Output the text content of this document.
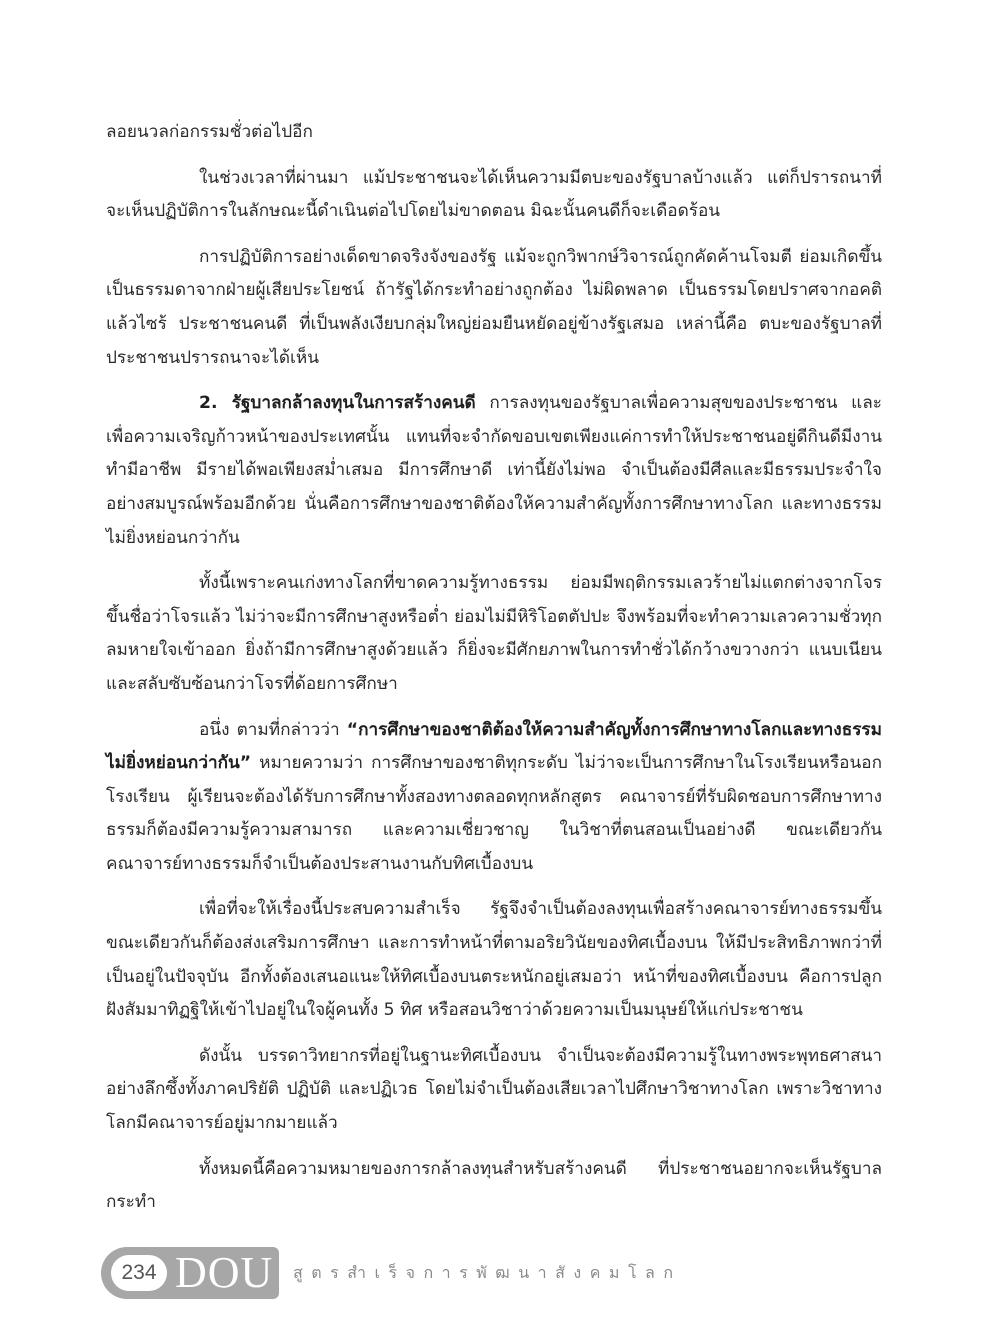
ลอยนวลก่อกรรมชั่วต่อไปอีก

ในช่วงเวลาที่ผ่านมา แม้ประชาชนจะได้เห็นความมีตบะของรัฐบาลบ้างแล้ว แต่ก็ปรารถนาที่จะเห็นปฏิบัติการในลักษณะนี้ดำเนินต่อไปโดยไม่ขาดตอน มิฉะนั้นคนดีก็จะเดือดร้อน

การปฏิบัติการอย่างเด็ดขาดจริงจังของรัฐ แม้จะถูกวิพากษ์วิจารณ์ถูกคัดค้านโจมตี ย่อมเกิดขึ้นเป็นธรรมดาจากฝ่ายผู้เสียประโยชน์ ถ้ารัฐได้กระทำอย่างถูกต้อง ไม่ผิดพลาด เป็นธรรมโดยปราศจากอคติแล้วไซร้ ประชาชนคนดี ที่เป็นพลังเงียบกลุ่มใหญ่ย่อมยืนหยัดอยู่ข้างรัฐเสมอ เหล่านี้คือ ตบะของรัฐบาลที่ประชาชนปรารถนาจะได้เห็น

2. รัฐบาลกล้าลงทุนในการสร้างคนดี การลงทุนของรัฐบาลเพื่อความสุขของประชาชน และเพื่อความเจริญก้าวหน้าของประเทศนั้น แทนที่จะจำกัดขอบเขตเพียงแค่การทำให้ประชาชนอยู่ดีกินดีมีงานทำมีอาชีพ มีรายได้พอเพียงสม่ำเสมอ มีการศึกษาดี เท่านี้ยังไม่พอ จำเป็นต้องมีศีลและมีธรรมประจำใจอย่างสมบูรณ์พร้อมอีกด้วย นั่นคือการศึกษาของชาติต้องให้ความสำคัญทั้งการศึกษาทางโลก และทางธรรมไม่ยิ่งหย่อนกว่ากัน

ทั้งนี้เพราะคนเก่งทางโลกที่ขาดความรู้ทางธรรม ย่อมมีพฤติกรรมเลวร้ายไม่แตกต่างจากโจร ขึ้นชื่อว่าโจรแล้ว ไม่ว่าจะมีการศึกษาสูงหรือต่ำ ย่อมไม่มีหิริโอตตัปปะ จึงพร้อมที่จะทำความเลวความชั่วทุกลมหายใจเข้าออก ยิ่งถ้ามีการศึกษาสูงด้วยแล้ว ก็ยิ่งจะมีศักยภาพในการทำชั่วได้กว้างขวางกว่า แนบเนียนและสลับซับซ้อนกว่าโจรที่ด้อยการศึกษา

อนึ่ง ตามที่กล่าวว่า “การศึกษาของชาติต้องให้ความสำคัญทั้งการศึกษาทางโลกและทางธรรมไม่ยิ่งหย่อนกว่ากัน” หมายความว่า การศึกษาของชาติทุกระดับ ไม่ว่าจะเป็นการศึกษาในโรงเรียนหรือนอกโรงเรียน ผู้เรียนจะต้องได้รับการศึกษาทั้งสองทางตลอดทุกหลักสูตร คณาจารย์ที่รับผิดชอบการศึกษาทางธรรมก็ต้องมีความรู้ความสามารถ และความเชี่ยวชาญ ในวิชาที่ตนสอนเป็นอย่างดี ขณะเดียวกันคณาจารย์ทางธรรมก็จำเป็นต้องประสานงานกับทิศเบื้องบน

เพื่อที่จะให้เรื่องนี้ประสบความสำเร็จ รัฐจึงจำเป็นต้องลงทุนเพื่อสร้างคณาจารย์ทางธรรมขึ้นขณะเดียวกันก็ต้องส่งเสริมการศึกษา และการทำหน้าที่ตามอริยวินัยของทิศเบื้องบน ให้มีประสิทธิภาพกว่าที่เป็นอยู่ในปัจจุบัน อีกทั้งต้องเสนอแนะให้ทิศเบื้องบนตระหนักอยู่เสมอว่า หน้าที่ของทิศเบื้องบน คือการปลูกฝังสัมมาทิฏฐิให้เข้าไปอยู่ในใจผู้คนทั้ง 5 ทิศ หรือสอนวิชาว่าด้วยความเป็นมนุษย์ให้แก่ประชาชน

ดังนั้น บรรดาวิทยากรที่อยู่ในฐานะทิศเบื้องบน จำเป็นจะต้องมีความรู้ในทางพระพุทธศาสนาอย่างลึกซึ้งทั้งภาคปริยัติ ปฏิบัติ และปฏิเวธ โดยไม่จำเป็นต้องเสียเวลาไปศึกษาวิชาทางโลก เพราะวิชาทางโลกมีคณาจารย์อยู่มากมายแล้ว

ทั้งหมดนี้คือความหมายของการกล้าลงทุนสำหรับสร้างคนดี ที่ประชาชนอยากจะเห็นรัฐบาลกระทำ

234 DOU สูตรสำเร็จการพัฒนาสังคมโลก
